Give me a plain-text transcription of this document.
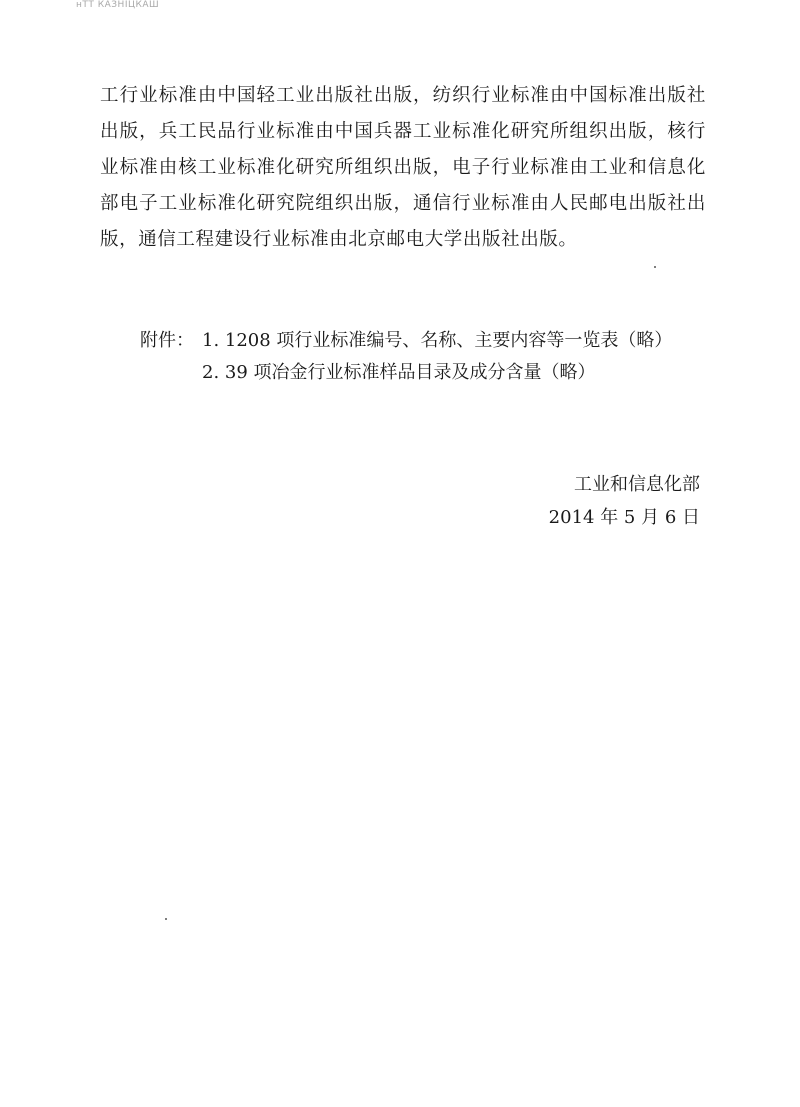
нТТ КАЗНІЦКАШ

工行业标准由中国轻工业出版社出版，纺织行业标准由中国标准出版社出版，兵工民品行业标准由中国兵器工业标准化研究所组织出版，核行业标准由核工业标准化研究所组织出版，电子行业标准由工业和信息化部电子工业标准化研究院组织出版，通信行业标准由人民邮电出版社出版，通信工程建设行业标准由北京邮电大学出版社出版。

附件： 1. 1208 项行业标准编号、名称、主要内容等一览表（略）
2. 39 项冶金行业标准样品目录及成分含量（略）
工业和信息化部
2014 年 5 月 6 日
